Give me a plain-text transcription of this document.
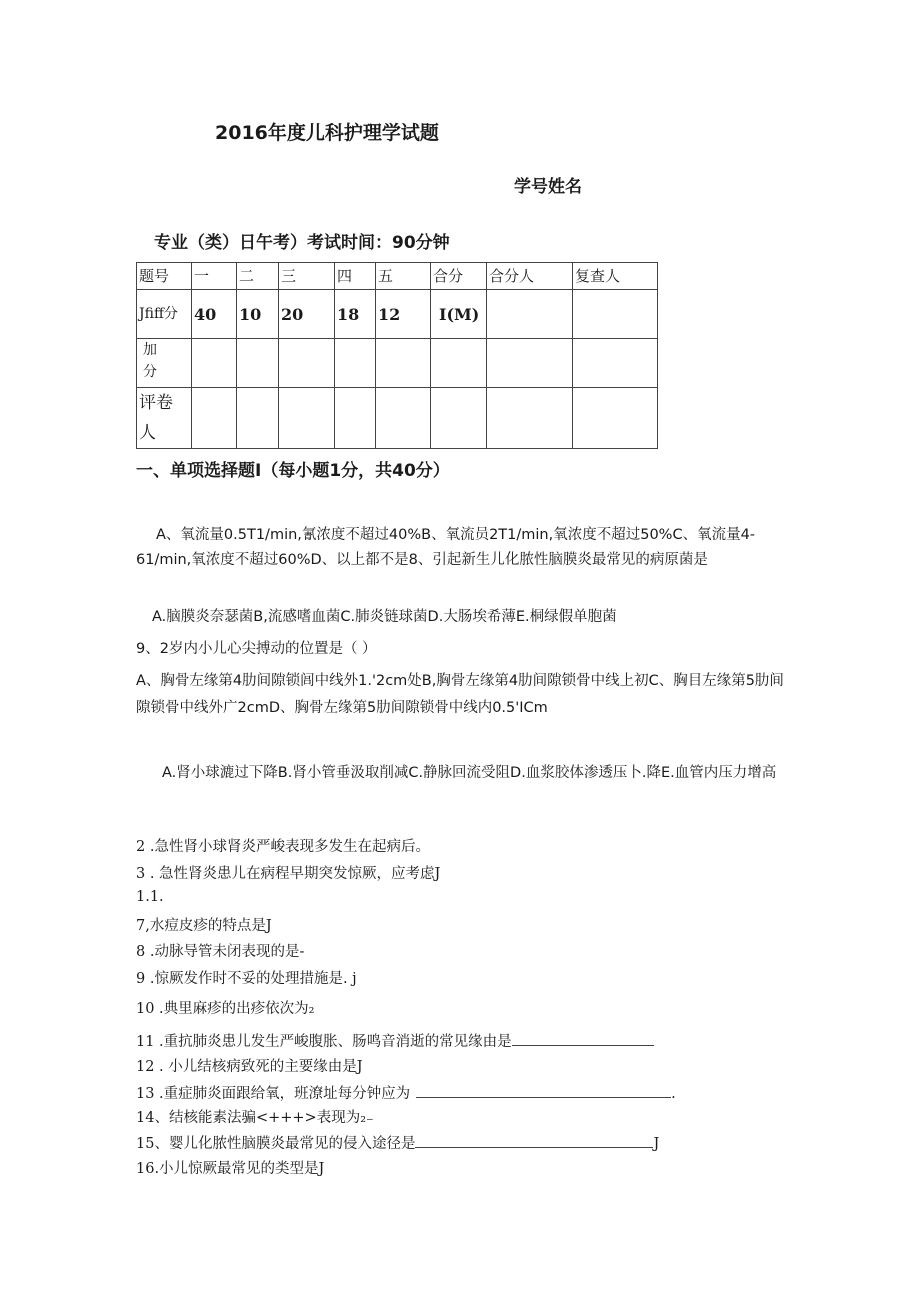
2016年度儿科护理学试题
学号姓名
专业（类）日午考）考试时间：90分钟
题号	一	二	三	四	五	合分	合分人	复查人
Jfiff分	40	10	20	18	12	I(M)		

加分								

评卷人								

一、单项选择题I（每小题1分，共40分）
A、氧流量0.5T1∕min,氰浓度不超过40%B、氧流员2T1∕min,氧浓度不超过50%C、氧流量4-61∕min,氧浓度不超过60%D、以上都不是8、引起新生儿化脓性脑膜炎最常见的病原菌是
A.脑膜炎奈瑟菌B,流感嗜血菌C.肺炎链球菌D.大肠埃希薄E.桐绿假单胞菌
9、2岁内小儿心尖搏动的位置是（ ）
A、胸骨左缘第4肋间隙锁闾中线外1.'2cm处B,胸骨左缘第4肋间隙锁骨中线上初C、胸目左缘第5肋间隙锁骨中线外广2cmD、胸骨左缘第5肋间隙锁骨中线内0.5'ICm
A.肾小球漉过下降B.肾小管垂汲取削减C.静脉回流受阻D.血浆胶体渗透压卜.降E.血管内压力增高
2 .急性肾小球肾炎严峻表现多发生在起病后。
3 . 急性肾炎患儿在病程早期突发惊厥，应考虑J
1.1.
7,水痘皮疹的特点是J
8 .动脉导管未闭表现的是-
9 .惊厥发作时不妥的处理措施是. j
10 .典里麻疹的出疹依次为₂
11 .重抗肺炎患儿发生严峻腹胀、肠鸣音消逝的常见缘由是
12 . 小儿结核病致死的主要缘由是J
13 .重症肺炎面跟给氧，班潦址每分钟应为	.
14、结核能素法骗<+++>表现为₂₋
15、婴儿化脓性脑膜炎最常见的侵入途径是	J
16.小儿惊厥最常见的类型是J
